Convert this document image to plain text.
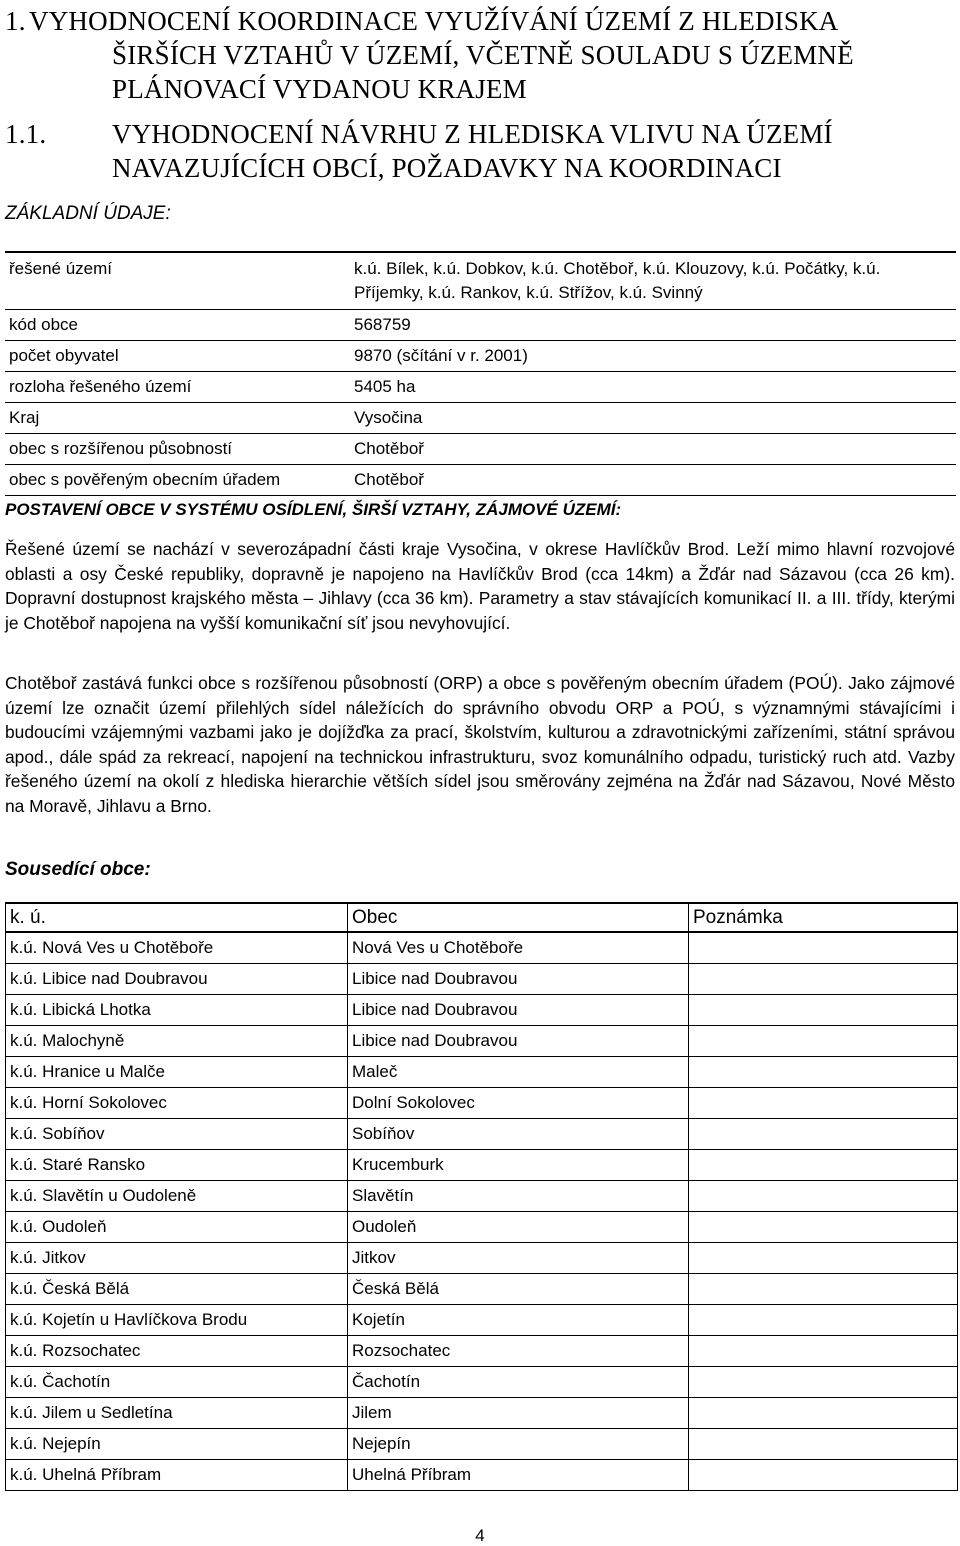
1. VYHODNOCENÍ KOORDINACE VYUŽÍVÁNÍ ÚZEMÍ Z HLEDISKA
ŠIRŠÍCH VZTAHŮ V ÚZEMÍ, VČETNĚ SOULADU S ÚZEMNĚ
PLÁNOVACÍ VYDANOU KRAJEM
1.1. VYHODNOCENÍ NÁVRHU Z HLEDISKA VLIVU NA ÚZEMÍ
NAVAZUJÍCÍCH OBCÍ, POŽADAVKY NA KOORDINACI
ZÁKLADNÍ ÚDAJE:
řešené území	k.ú. Bílek, k.ú. Dobkov, k.ú. Chotěboř, k.ú. Klouzovy, k.ú. Počátky, k.ú.
Příjemky, k.ú. Rankov, k.ú. Střížov, k.ú. Svinný

kód obce	568759
počet obyvatel	9870 (sčítání v r. 2001)
rozloha řešeného území	5405 ha
Kraj	Vysočina
obec s rozšířenou působností	Chotěboř
obec s pověřeným obecním úřadem	Chotěboř
POSTAVENÍ OBCE V SYSTÉMU OSÍDLENÍ, ŠIRŠÍ VZTAHY, ZÁJMOVÉ ÚZEMÍ:

Řešené území se nachází v severozápadní části kraje Vysočina, v okrese Havlíčkův Brod. Leží mimo hlavní rozvojové oblasti a osy České republiky, dopravně je napojeno na Havlíčkův Brod (cca 14km) a Žďár nad Sázavou (cca 26 km). Dopravní dostupnost krajského města – Jihlavy (cca 36 km). Parametry a stav stávajících komunikací II. a III. třídy, kterými je Chotěboř napojena na vyšší komunikační síť jsou nevyhovující.

Chotěboř zastává funkci obce s rozšířenou působností (ORP) a obce s pověřeným obecním úřadem (POÚ). Jako zájmové území lze označit území přilehlých sídel náležících do správního obvodu ORP a POÚ, s významnými stávajícími i budoucími vzájemnými vazbami jako je dojížďka za prací, školstvím, kulturou a zdravotnickými zařízeními, státní správou apod., dále spád za rekreací, napojení na technickou infrastrukturu, svoz komunálního odpadu, turistický ruch atd. Vazby řešeného území na okolí z hlediska hierarchie větších sídel jsou směrovány zejména na Žďár nad Sázavou, Nové Město na Moravě, Jihlavu a Brno.

Sousedící obce:
k. ú.	Obec	Poznámka
k.ú. Nová Ves u Chotěboře	Nová Ves u Chotěboře	
k.ú. Libice nad Doubravou	Libice nad Doubravou	
k.ú. Libická Lhotka	Libice nad Doubravou	
k.ú. Malochyně	Libice nad Doubravou	
k.ú. Hranice u Malče	Maleč	
k.ú. Horní Sokolovec	Dolní Sokolovec	
k.ú. Sobíňov	Sobíňov	
k.ú. Staré Ransko	Krucemburk	
k.ú. Slavětín u Oudoleně	Slavětín	
k.ú. Oudoleň	Oudoleň	
k.ú. Jitkov	Jitkov	
k.ú. Česká Bělá	Česká Bělá	
k.ú. Kojetín u Havlíčkova Brodu	Kojetín	
k.ú. Rozsochatec	Rozsochatec	
k.ú. Čachotín	Čachotín	
k.ú. Jilem u Sedletína	Jilem	
k.ú. Nejepín	Nejepín	
k.ú. Uhelná Příbram	Uhelná Příbram	
4
